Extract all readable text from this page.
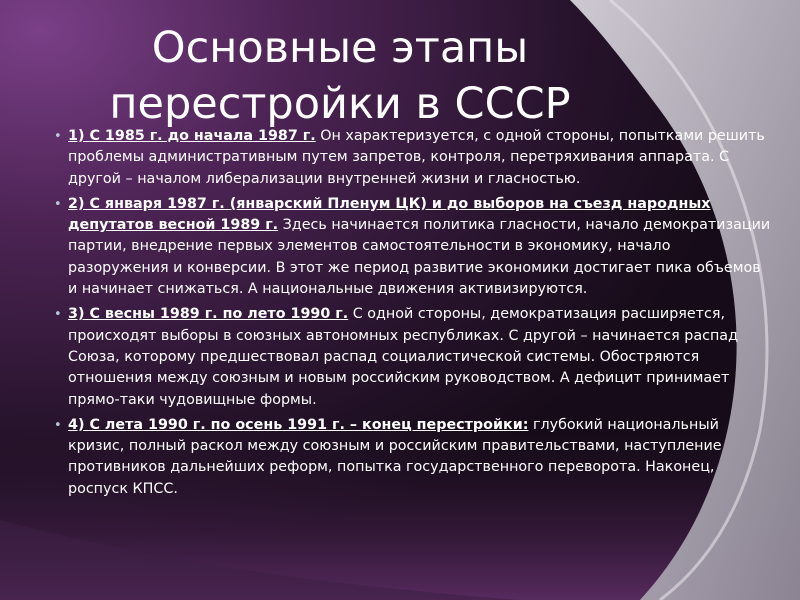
Основные этапы
перестройки в СССР
• 1) С 1985 г. до начала 1987 г. Он характеризуется, с одной стороны, попытками решить проблемы административным путем запретов, контроля, перетряхивания аппарата. С другой – началом либерализации внутренней жизни и гласностью.
• 2) С января 1987 г. (январский Пленум ЦК) и до выборов на съезд народных депутатов весной 1989 г. Здесь начинается политика гласности, начало демократизации партии, внедрение первых элементов самостоятельности в экономику, начало разоружения и конверсии. В этот же период развитие экономики достигает пика объемов и начинает снижаться. А национальные движения активизируются.
• 3) С весны 1989 г. по лето 1990 г. С одной стороны, демократизация расширяется, происходят выборы в союзных автономных республиках. С другой – начинается распад Союза, которому предшествовал распад социалистической системы. Обостряются отношения между союзным и новым российским руководством. А дефицит принимает прямо-таки чудовищные формы.
• 4) С лета 1990 г. по осень 1991 г. – конец перестройки: глубокий национальный кризис, полный раскол между союзным и российским правительствами, наступление противников дальнейших реформ, попытка государственного переворота. Наконец, роспуск КПСС.
